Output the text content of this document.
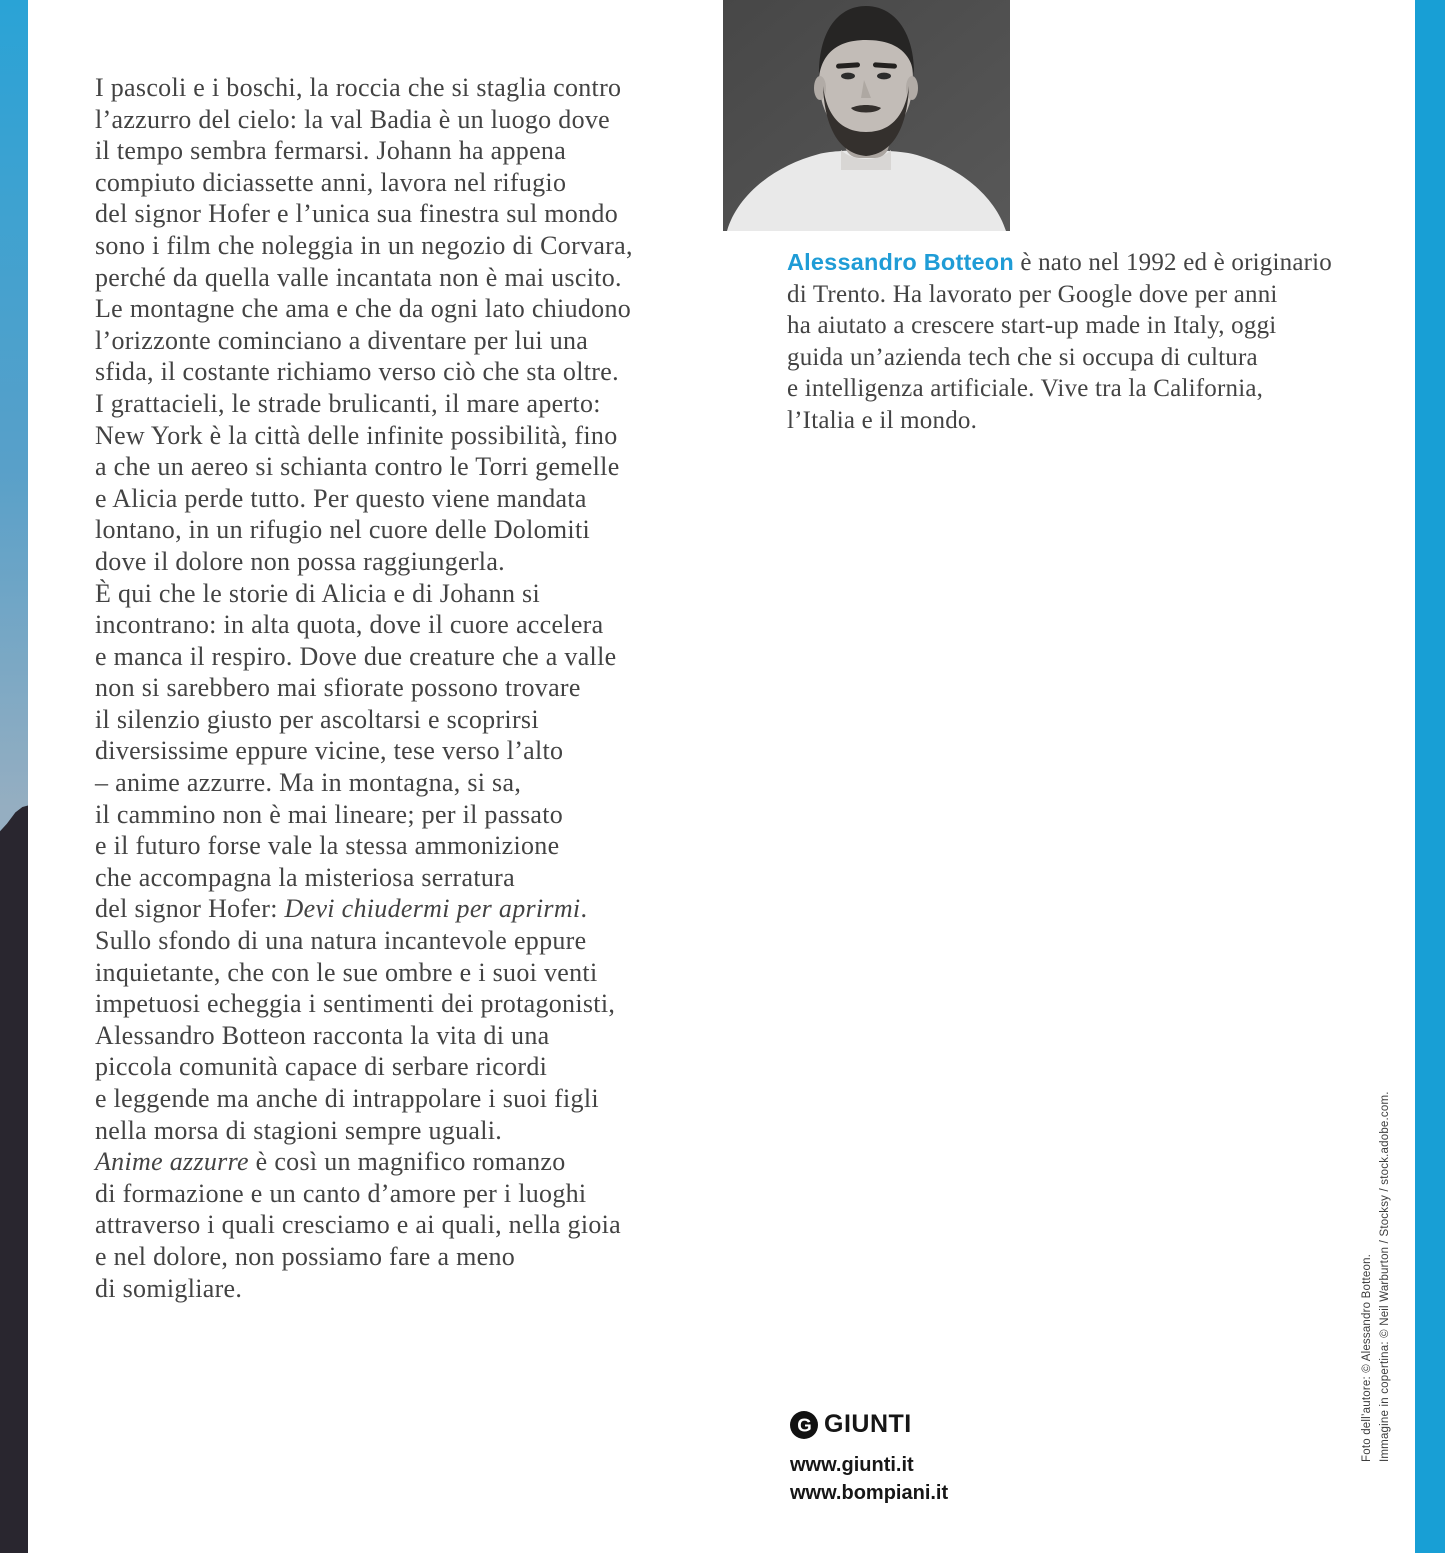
I pascoli e i boschi, la roccia che si staglia contro
l’azzurro del cielo: la val Badia è un luogo dove
il tempo sembra fermarsi. Johann ha appena
compiuto diciassette anni, lavora nel rifugio
del signor Hofer e l’unica sua finestra sul mondo
sono i film che noleggia in un negozio di Corvara,
perché da quella valle incantata non è mai uscito.
Le montagne che ama e che da ogni lato chiudono
l’orizzonte cominciano a diventare per lui una
sfida, il costante richiamo verso ciò che sta oltre.
I grattacieli, le strade brulicanti, il mare aperto:
New York è la città delle infinite possibilità, fino
a che un aereo si schianta contro le Torri gemelle
e Alicia perde tutto. Per questo viene mandata
lontano, in un rifugio nel cuore delle Dolomiti
dove il dolore non possa raggiungerla.
È qui che le storie di Alicia e di Johann si
incontrano: in alta quota, dove il cuore accelera
e manca il respiro. Dove due creature che a valle
non si sarebbero mai sfiorate possono trovare
il silenzio giusto per ascoltarsi e scoprirsi
diversissime eppure vicine, tese verso l’alto
– anime azzurre. Ma in montagna, si sa,
il cammino non è mai lineare; per il passato
e il futuro forse vale la stessa ammonizione
che accompagna la misteriosa serratura
del signor Hofer: Devi chiudermi per aprirmi.
Sullo sfondo di una natura incantevole eppure
inquietante, che con le sue ombre e i suoi venti
impetuosi echeggia i sentimenti dei protagonisti,
Alessandro Botteon racconta la vita di una
piccola comunità capace di serbare ricordi
e leggende ma anche di intrappolare i suoi figli
nella morsa di stagioni sempre uguali.
Anime azzurre è così un magnifico romanzo
di formazione e un canto d’amore per i luoghi
attraverso i quali cresciamo e ai quali, nella gioia
e nel dolore, non possiamo fare a meno
di somigliare.
Alessandro Botteon è nato nel 1992 ed è originario
di Trento. Ha lavorato per Google dove per anni
ha aiutato a crescere start-up made in Italy, oggi
guida un’azienda tech che si occupa di cultura
e intelligenza artificiale. Vive tra la California,
l’Italia e il mondo.
G GIUNTI
www.giunti.it
www.bompiani.it
Foto dell’autore: © Alessandro Botteon. Immagine in copertina: © Neil Warburton / Stocksy / stock.adobe.com.
